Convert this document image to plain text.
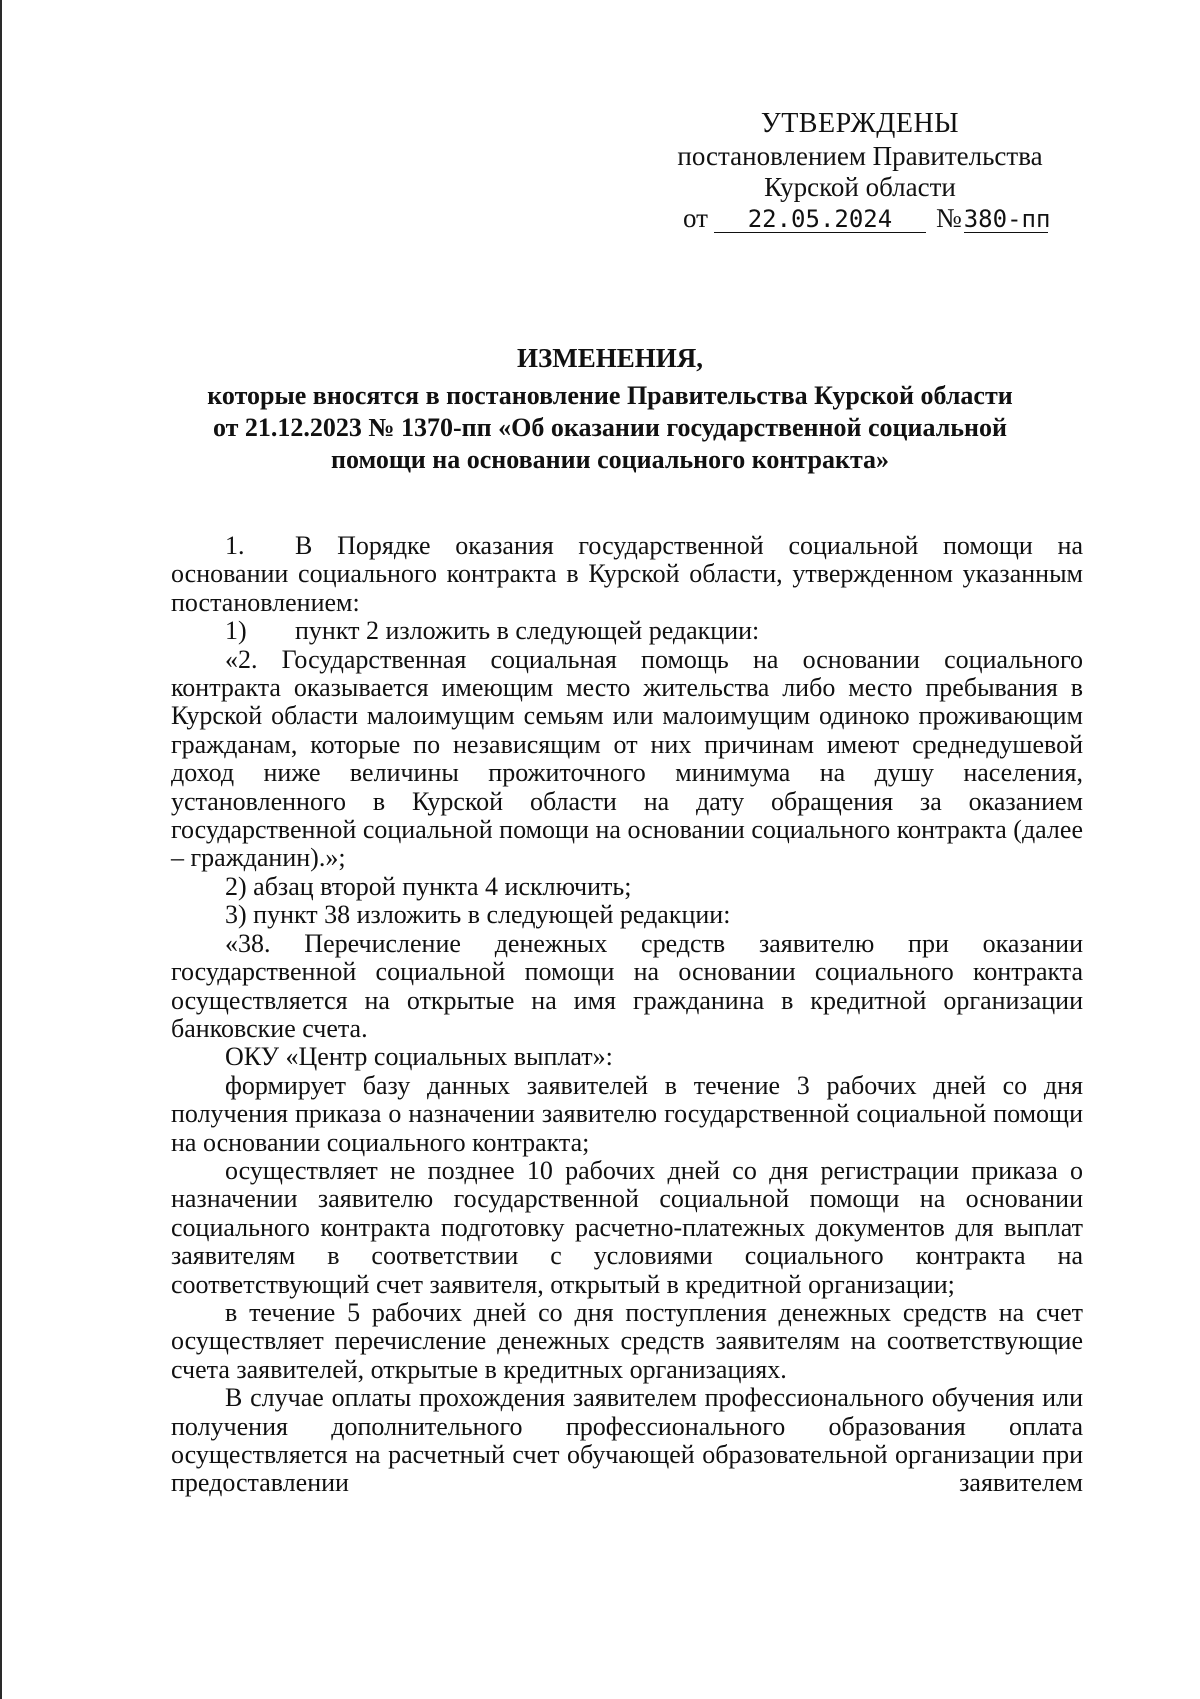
УТВЕРЖДЕНЫ
постановлением Правительства
Курской области
от 22.05.2024 №380-пп
ИЗМЕНЕНИЯ,
которые вносятся в постановление Правительства Курской области
от 21.12.2023 № 1370-пп «Об оказании государственной социальной
помощи на основании социального контракта»

1. В Порядке оказания государственной социальной помощи на основании социального контракта в Курской области, утвержденном указанным постановлением:

1) пункт 2 изложить в следующей редакции:

«2. Государственная социальная помощь на основании социального контракта оказывается имеющим место жительства либо место пребывания в Курской области малоимущим семьям или малоимущим одиноко проживающим гражданам, которые по независящим от них причинам имеют среднедушевой доход ниже величины прожиточного минимума на душу населения, установленного в Курской области на дату обращения за оказанием государственной социальной помощи на основании социального контракта (далее – гражданин).»;

2) абзац второй пункта 4 исключить;

3) пункт 38 изложить в следующей редакции:

«38. Перечисление денежных средств заявителю при оказании государственной социальной помощи на основании социального контракта осуществляется на открытые на имя гражданина в кредитной организации банковские счета.

ОКУ «Центр социальных выплат»:

формирует базу данных заявителей в течение 3 рабочих дней со дня получения приказа о назначении заявителю государственной социальной помощи на основании социального контракта;

осуществляет не позднее 10 рабочих дней со дня регистрации приказа о назначении заявителю государственной социальной помощи на основании социального контракта подготовку расчетно-платежных документов для выплат заявителям в соответствии с условиями социального контракта на соответствующий счет заявителя, открытый в кредитной организации;

в течение 5 рабочих дней со дня поступления денежных средств на счет осуществляет перечисление денежных средств заявителям на соответствующие счета заявителей, открытые в кредитных организациях.

В случае оплаты прохождения заявителем профессионального обучения или получения дополнительного профессионального образования оплата осуществляется на расчетный счет обучающей образовательной организации при предоставлении заявителем
